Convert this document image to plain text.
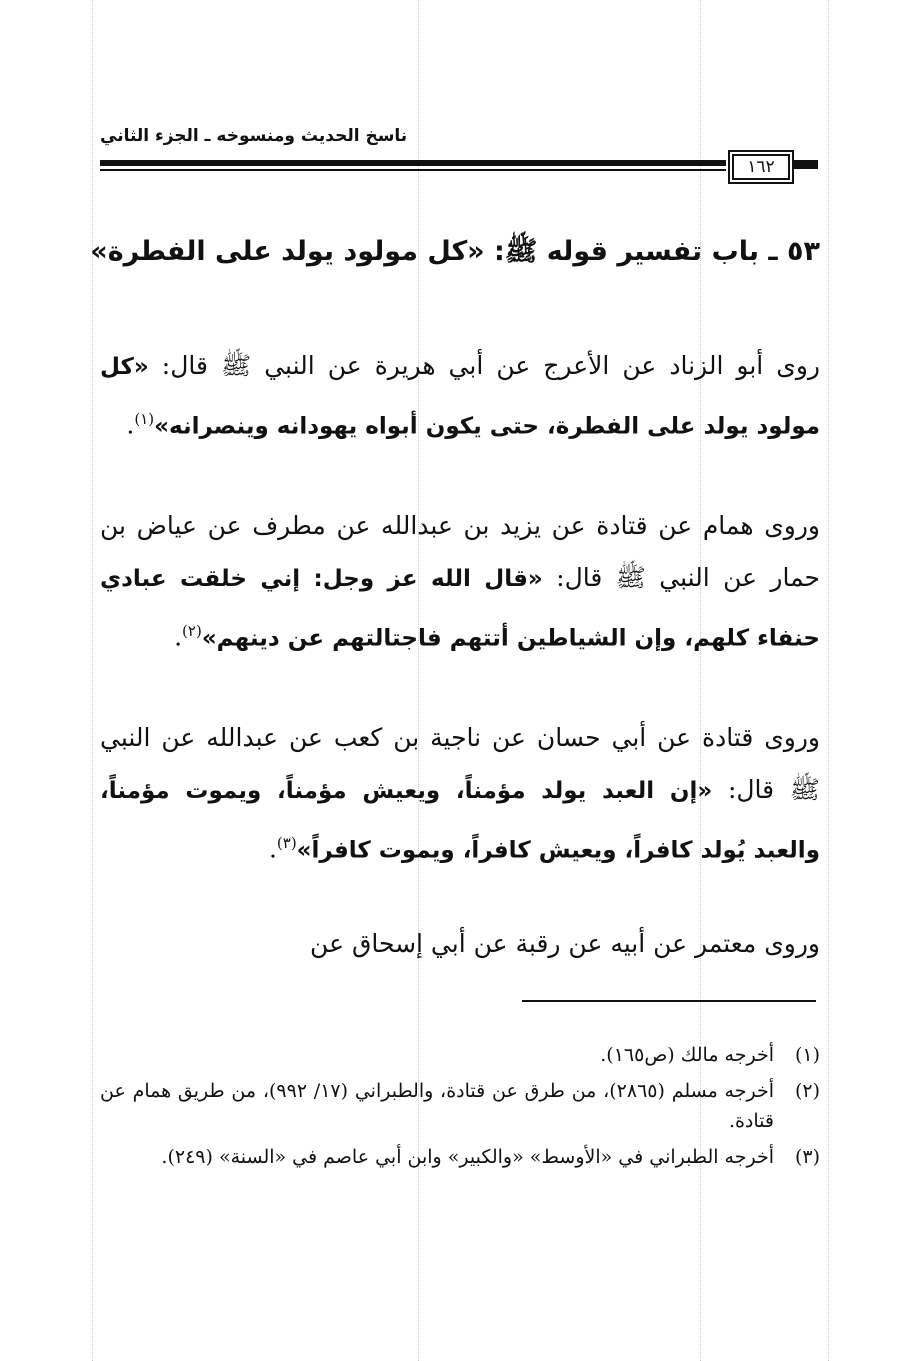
ناسخ الحديث ومنسوخه ـ الجزء الثاني
١٦٢
٥٣ ـ باب تفسير قوله ﷺ: «كل مولود يولد على الفطرة»
روى أبو الزناد عن الأعرج عن أبي هريرة عن النبي ﷺ قال: «كل مولود يولد على الفطرة، حتى يكون أبواه يهودانه وينصرانه»$^{(١)}$.
وروى همام عن قتادة عن يزيد بن عبدالله عن مطرف عن عياض بن حمار عن النبي ﷺ قال: «قال الله عز وجل: إني خلقت عبادي حنفاء كلهم، وإن الشياطين أتتهم فاجتالتهم عن دينهم»$^{(٢)}$.
وروى قتادة عن أبي حسان عن ناجية بن كعب عن عبدالله عن النبي ﷺ قال: «إن العبد يولد مؤمناً، ويعيش مؤمناً، ويموت مؤمناً، والعبد يُولد كافراً، ويعيش كافراً، ويموت كافراً»$^{(٣)}$.
وروى معتمر عن أبيه عن رقبة عن أبي إسحاق عن
(١)
أخرجه مالك (ص١٦٥).
(٢)
أخرجه مسلم (٢٨٦٥)، من طرق عن قتادة، والطبراني (١٧/ ٩٩٢)، من طريق همام عن قتادة.
(٣)
أخرجه الطبراني في «الأوسط» «والكبير» وابن أبي عاصم في «السنة» (٢٤٩).
